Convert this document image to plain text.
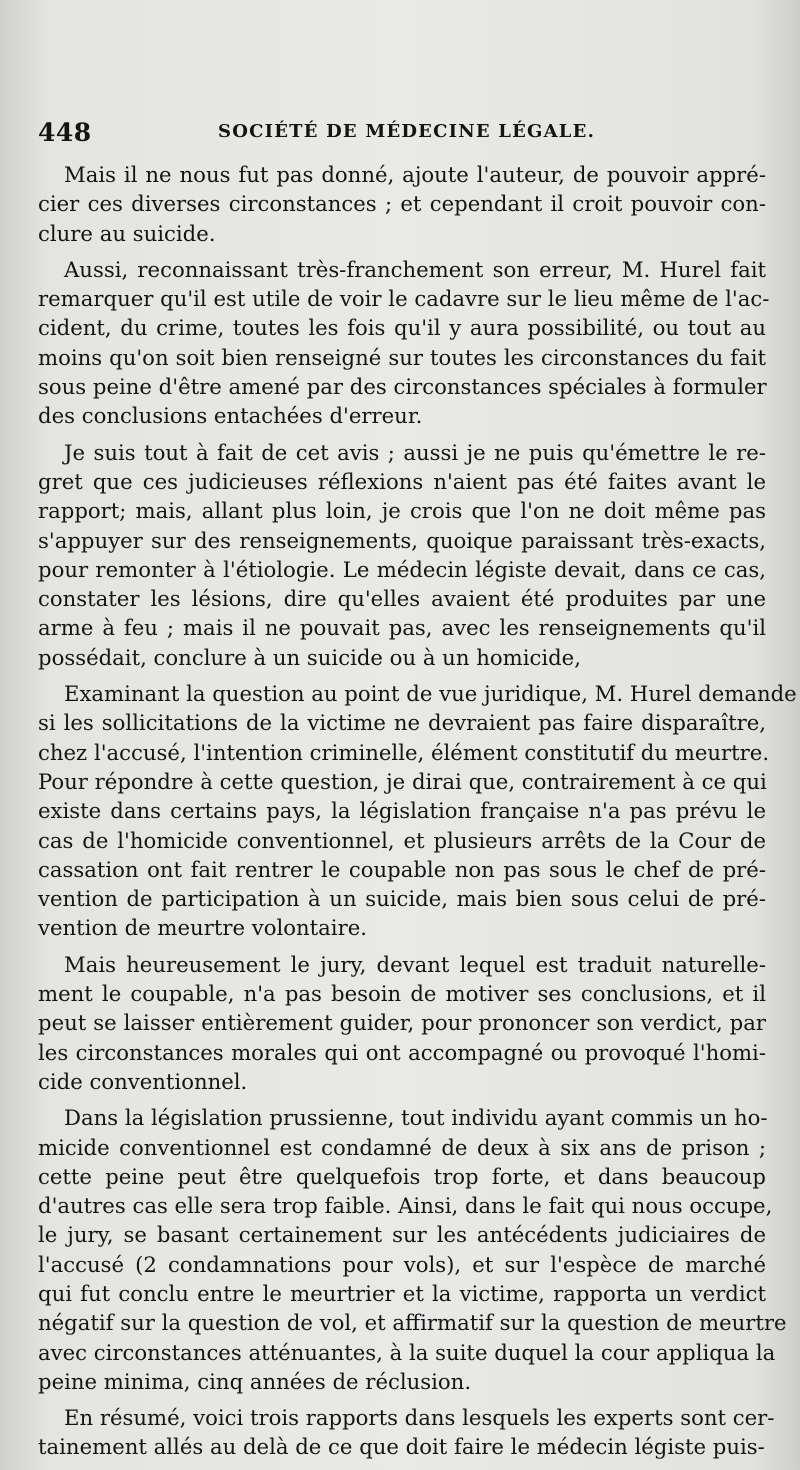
448	SOCIÉTÉ DE MÉDECINE LÉGALE.
Mais il ne nous fut pas donné, ajoute l'auteur, de pouvoir appré-
cier ces diverses circonstances ; et cependant il croit pouvoir con-
clure au suicide.
Aussi, reconnaissant très-franchement son erreur, M. Hurel fait
remarquer qu'il est utile de voir le cadavre sur le lieu même de l'ac-
cident, du crime, toutes les fois qu'il y aura possibilité, ou tout au
moins qu'on soit bien renseigné sur toutes les circonstances du fait
sous peine d'être amené par des circonstances spéciales à formuler
des conclusions entachées d'erreur.
Je suis tout à fait de cet avis ; aussi je ne puis qu'émettre le re-
gret que ces judicieuses réflexions n'aient pas été faites avant le
rapport; mais, allant plus loin, je crois que l'on ne doit même pas
s'appuyer sur des renseignements, quoique paraissant très-exacts,
pour remonter à l'étiologie. Le médecin légiste devait, dans ce cas,
constater les lésions, dire qu'elles avaient été produites par une
arme à feu ; mais il ne pouvait pas, avec les renseignements qu'il
possédait, conclure à un suicide ou à un homicide,
Examinant la question au point de vue juridique, M. Hurel demande
si les sollicitations de la victime ne devraient pas faire disparaître,
chez l'accusé, l'intention criminelle, élément constitutif du meurtre.
Pour répondre à cette question, je dirai que, contrairement à ce qui
existe dans certains pays, la législation française n'a pas prévu le
cas de l'homicide conventionnel, et plusieurs arrêts de la Cour de
cassation ont fait rentrer le coupable non pas sous le chef de pré-
vention de participation à un suicide, mais bien sous celui de pré-
vention de meurtre volontaire.
Mais heureusement le jury, devant lequel est traduit naturelle-
ment le coupable, n'a pas besoin de motiver ses conclusions, et il
peut se laisser entièrement guider, pour prononcer son verdict, par
les circonstances morales qui ont accompagné ou provoqué l'homi-
cide conventionnel.
Dans la législation prussienne, tout individu ayant commis un ho-
micide conventionnel est condamné de deux à six ans de prison ;
cette peine peut être quelquefois trop forte, et dans beaucoup
d'autres cas elle sera trop faible. Ainsi, dans le fait qui nous occupe,
le jury, se basant certainement sur les antécédents judiciaires de
l'accusé (2 condamnations pour vols), et sur l'espèce de marché
qui fut conclu entre le meurtrier et la victime, rapporta un verdict
négatif sur la question de vol, et affirmatif sur la question de meurtre
avec circonstances atténuantes, à la suite duquel la cour appliqua la
peine minima, cinq années de réclusion.
En résumé, voici trois rapports dans lesquels les experts sont cer-
tainement allés au delà de ce que doit faire le médecin légiste puis-
